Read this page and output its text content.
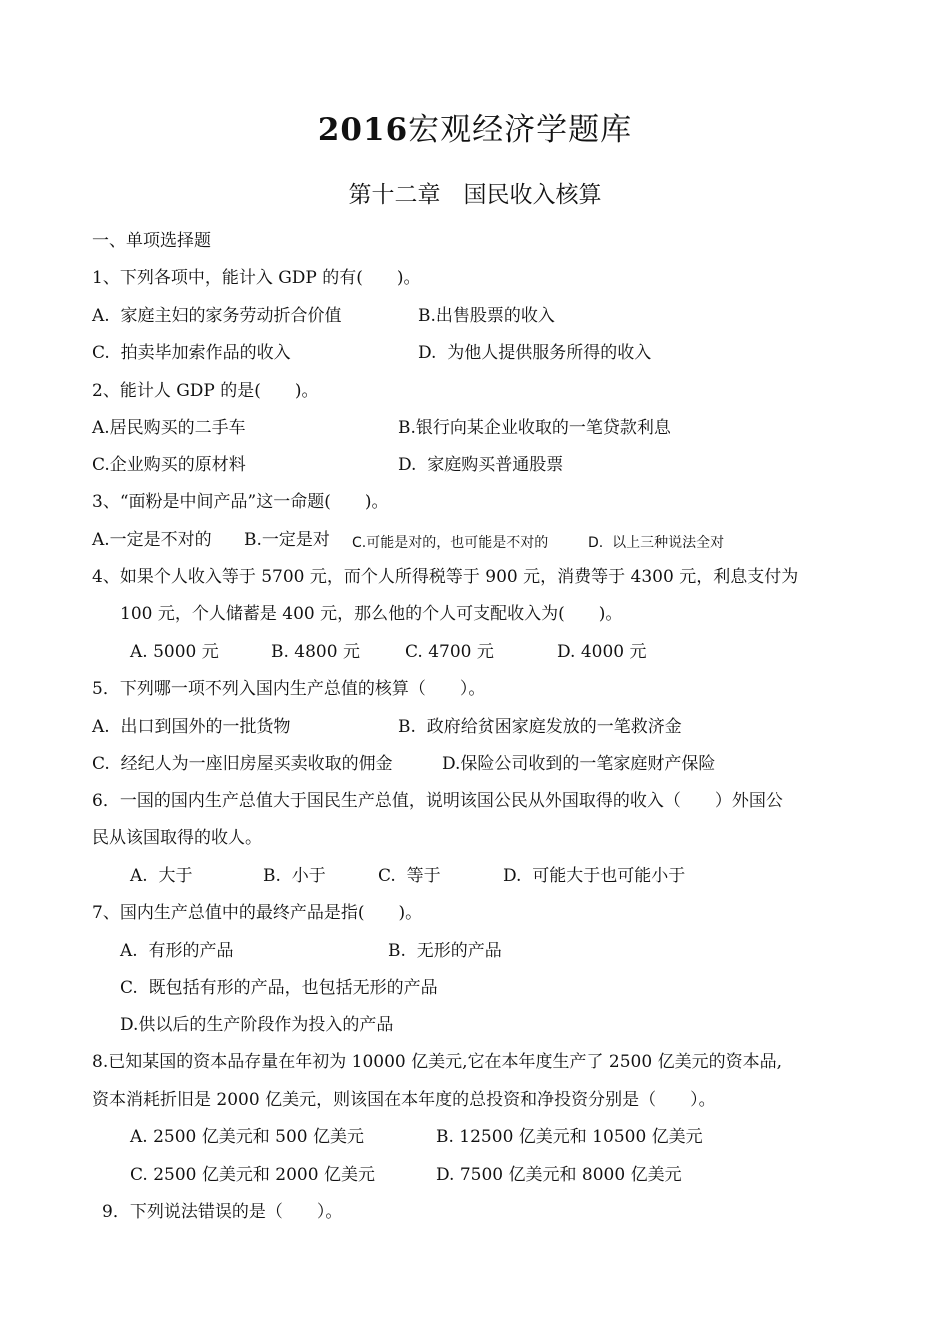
2016宏观经济学题库
第十二章　国民收入核算
一、单项选择题
1、下列各项中，能计入 GDP 的有(　　)。
A.  家庭主妇的家务劳动折合价值	B.出售股票的收入
C.  拍卖毕加索作品的收入	D.  为他人提供服务所得的收入
2、能计人 GDP 的是(　　)。
A.居民购买的二手车	B.银行向某企业收取的一笔贷款利息
C.企业购买的原材料	D.  家庭购买普通股票
3、“面粉是中间产品”这一命题(　　)。
A.一定是不对的 B.一定是对 C.可能是对的，也可能是不对的	D.  以上三种说法全对
4、如果个人收入等于 5700 元，而个人所得税等于 900 元，消费等于 4300 元，利息支付为
100 元，个人储蓄是 400 元，那么他的个人可支配收入为(　　)。
A. 5000 元	B. 4800 元	C. 4700 元	D. 4000 元
5．下列哪一项不列入国内生产总值的核算（　　）。
A.  出口到国外的一批货物	B.  政府给贫困家庭发放的一笔救济金
C.  经纪人为一座旧房屋买卖收取的佣金	D.保险公司收到的一笔家庭财产保险
6．一国的国内生产总值大于国民生产总值，说明该国公民从外国取得的收入（　　）外国公
民从该国取得的收人。
A.  大于	B.  小于	C.  等于	D.  可能大于也可能小于
7、国内生产总值中的最终产品是指(　　)。
A.  有形的产品	B.  无形的产品
C.  既包括有形的产品，也包括无形的产品
D.供以后的生产阶段作为投入的产品
8.已知某国的资本品存量在年初为 10000 亿美元,它在本年度生产了 2500 亿美元的资本品,
资本消耗折旧是 2000 亿美元，则该国在本年度的总投资和净投资分别是（　　）。
A. 2500 亿美元和 500 亿美元	B. 12500 亿美元和 10500 亿美元
C. 2500 亿美元和 2000 亿美元	D. 7500 亿美元和 8000 亿美元
9．下列说法错误的是（　　）。
